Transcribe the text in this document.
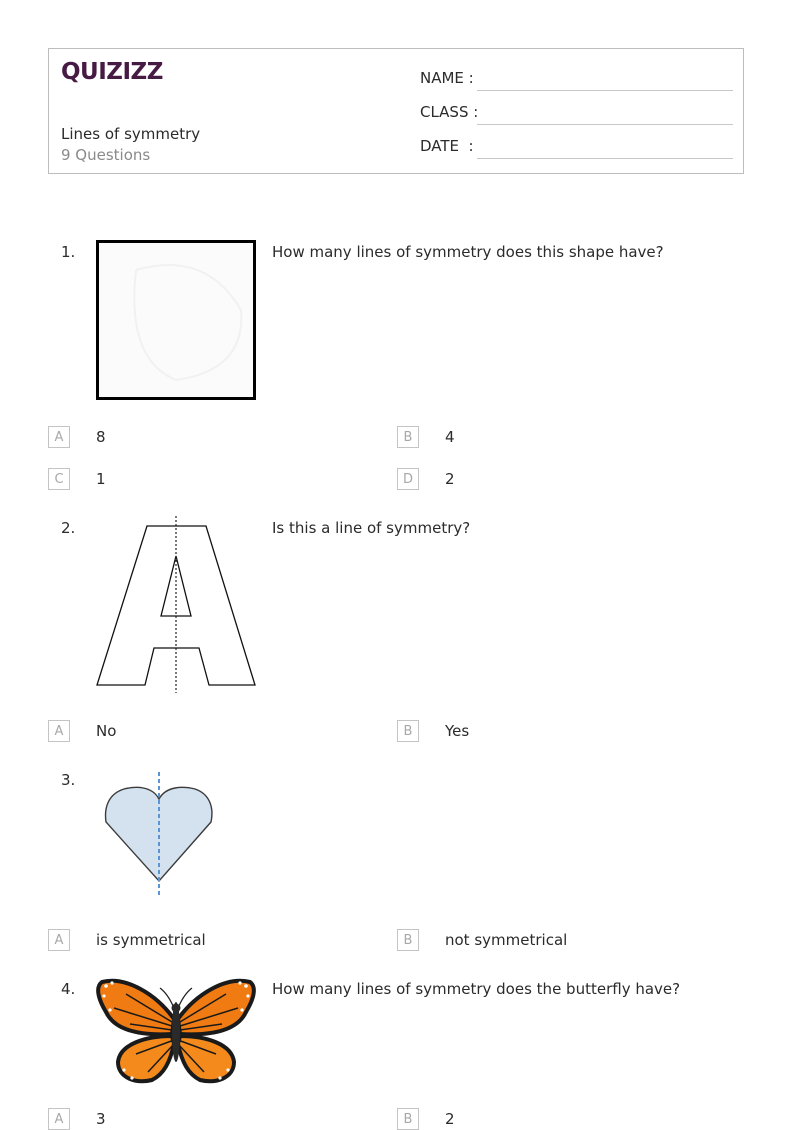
QUIZIZZ
Lines of symmetry
9 Questions
NAME :
CLASS :
DATE  :
1.	How many lines of symmetry does this shape have?
A	8	B	4
C	1	D	2
2.	Is this a line of symmetry?
A	No	B	Yes
3.
A	is symmetrical	B	not symmetrical
4.	How many lines of symmetry does the butterfly have?
A	3	B	2
